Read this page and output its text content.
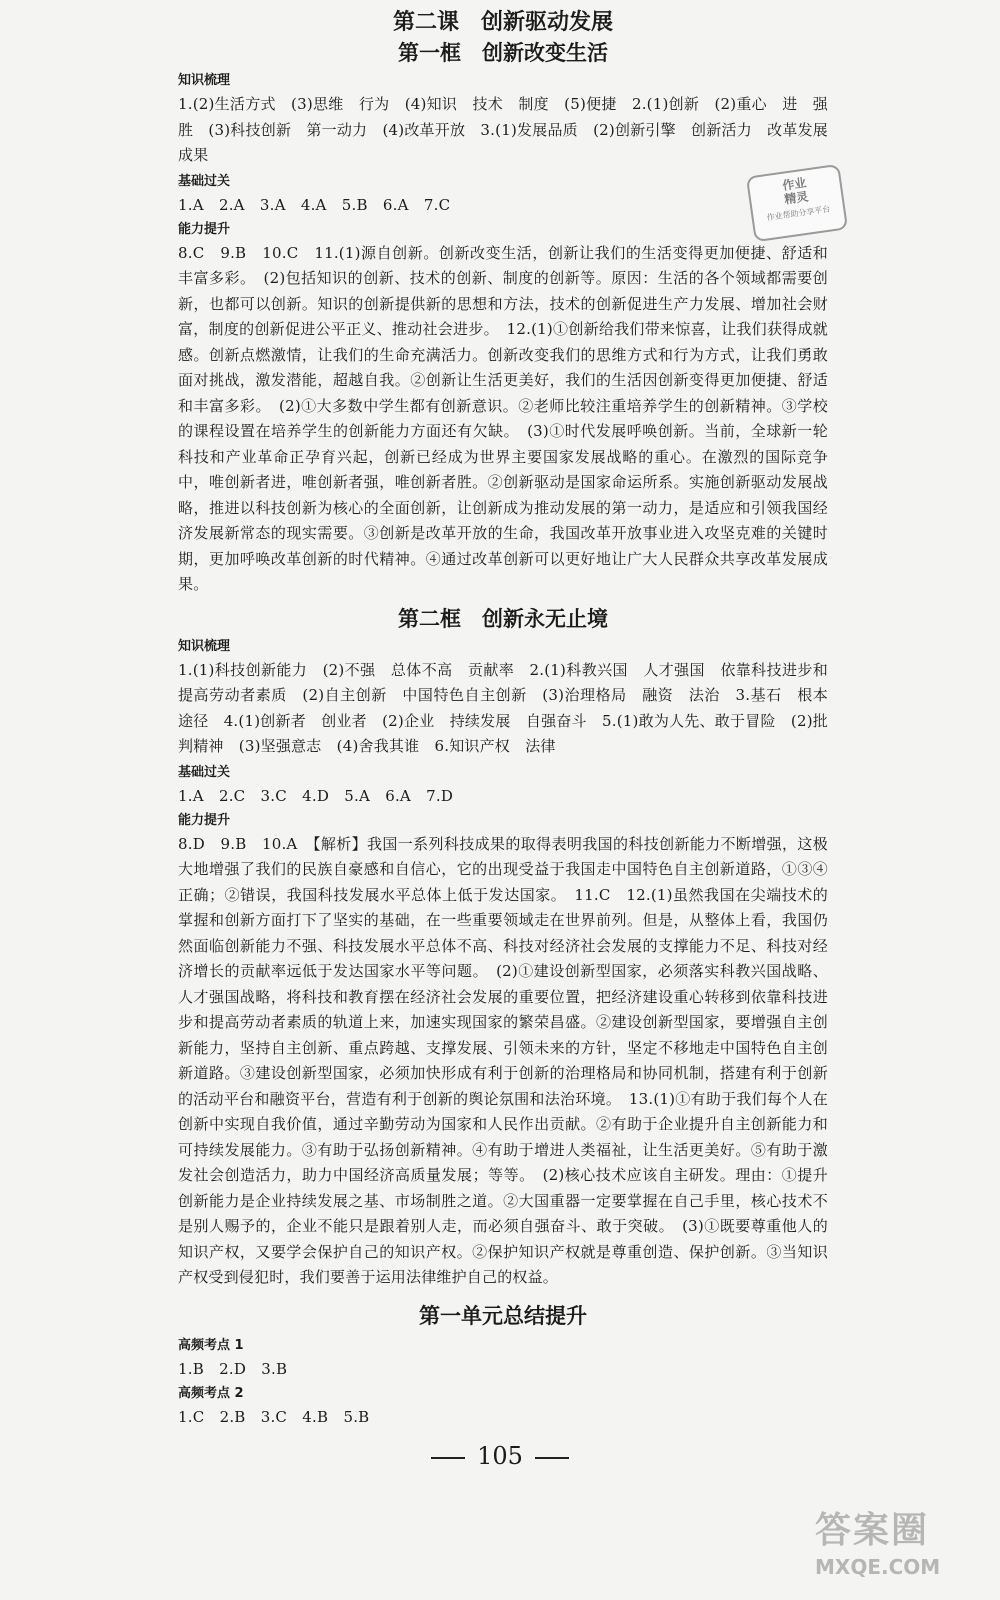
第二课　创新驱动发展
第一框　创新改变生活
知识梳理

1.(2)生活方式　(3)思维　行为　(4)知识　技术　制度　(5)便捷　2.(1)创新　(2)重心　进　强　胜　(3)科技创新　第一动力　(4)改革开放　3.(1)发展品质　(2)创新引擎　创新活力　改革发展成果

基础过关

1.A　2.A　3.A　4.A　5.B　6.A　7.C

能力提升

8.C　9.B　10.C　11.(1)源自创新。创新改变生活，创新让我们的生活变得更加便捷、舒适和丰富多彩。　(2)包括知识的创新、技术的创新、制度的创新等。原因：生活的各个领域都需要创新，也都可以创新。知识的创新提供新的思想和方法，技术的创新促进生产力发展、增加社会财富，制度的创新促进公平正义、推动社会进步。　12.(1)①创新给我们带来惊喜，让我们获得成就感。创新点燃激情，让我们的生命充满活力。创新改变我们的思维方式和行为方式，让我们勇敢面对挑战，激发潜能，超越自我。②创新让生活更美好，我们的生活因创新变得更加便捷、舒适和丰富多彩。　(2)①大多数中学生都有创新意识。②老师比较注重培养学生的创新精神。③学校的课程设置在培养学生的创新能力方面还有欠缺。　(3)①时代发展呼唤创新。当前，全球新一轮科技和产业革命正孕育兴起，创新已经成为世界主要国家发展战略的重心。在激烈的国际竞争中，唯创新者进，唯创新者强，唯创新者胜。②创新驱动是国家命运所系。实施创新驱动发展战略，推进以科技创新为核心的全面创新，让创新成为推动发展的第一动力，是适应和引领我国经济发展新常态的现实需要。③创新是改革开放的生命，我国改革开放事业进入攻坚克难的关键时期，更加呼唤改革创新的时代精神。④通过改革创新可以更好地让广大人民群众共享改革发展成果。

第二框　创新永无止境
知识梳理

1.(1)科技创新能力　(2)不强　总体不高　贡献率　2.(1)科教兴国　人才强国　依靠科技进步和提高劳动者素质　(2)自主创新　中国特色自主创新　(3)治理格局　融资　法治　3.基石　根本途径　4.(1)创新者　创业者　(2)企业　持续发展　自强奋斗　5.(1)敢为人先、敢于冒险　(2)批判精神　(3)坚强意志　(4)舍我其谁　6.知识产权　法律

基础过关

1.A　2.C　3.C　4.D　5.A　6.A　7.D

能力提升

8.D　9.B　10.A　【解析】我国一系列科技成果的取得表明我国的科技创新能力不断增强，这极大地增强了我们的民族自豪感和自信心，它的出现受益于我国走中国特色自主创新道路，①③④正确；②错误，我国科技发展水平总体上低于发达国家。　11.C　12.(1)虽然我国在尖端技术的掌握和创新方面打下了坚实的基础，在一些重要领域走在世界前列。但是，从整体上看，我国仍然面临创新能力不强、科技发展水平总体不高、科技对经济社会发展的支撑能力不足、科技对经济增长的贡献率远低于发达国家水平等问题。　(2)①建设创新型国家，必须落实科教兴国战略、人才强国战略，将科技和教育摆在经济社会发展的重要位置，把经济建设重心转移到依靠科技进步和提高劳动者素质的轨道上来，加速实现国家的繁荣昌盛。②建设创新型国家，要增强自主创新能力，坚持自主创新、重点跨越、支撑发展、引领未来的方针，坚定不移地走中国特色自主创新道路。③建设创新型国家，必须加快形成有利于创新的治理格局和协同机制，搭建有利于创新的活动平台和融资平台，营造有利于创新的舆论氛围和法治环境。　13.(1)①有助于我们每个人在创新中实现自我价值，通过辛勤劳动为国家和人民作出贡献。②有助于企业提升自主创新能力和可持续发展能力。③有助于弘扬创新精神。④有助于增进人类福祉，让生活更美好。⑤有助于激发社会创造活力，助力中国经济高质量发展；等等。　(2)核心技术应该自主研发。理由：①提升创新能力是企业持续发展之基、市场制胜之道。②大国重器一定要掌握在自己手里，核心技术不是别人赐予的，企业不能只是跟着别人走，而必须自强奋斗、敢于突破。　(3)①既要尊重他人的知识产权，又要学会保护自己的知识产权。②保护知识产权就是尊重创造、保护创新。③当知识产权受到侵犯时，我们要善于运用法律维护自己的权益。

第一单元总结提升
高频考点 1

1.B　2.D　3.B

高频考点 2

1.C　2.B　3.C　4.B　5.B

作业
精灵
作业帮助分享平台
105
答案圈
MXQE.COM
